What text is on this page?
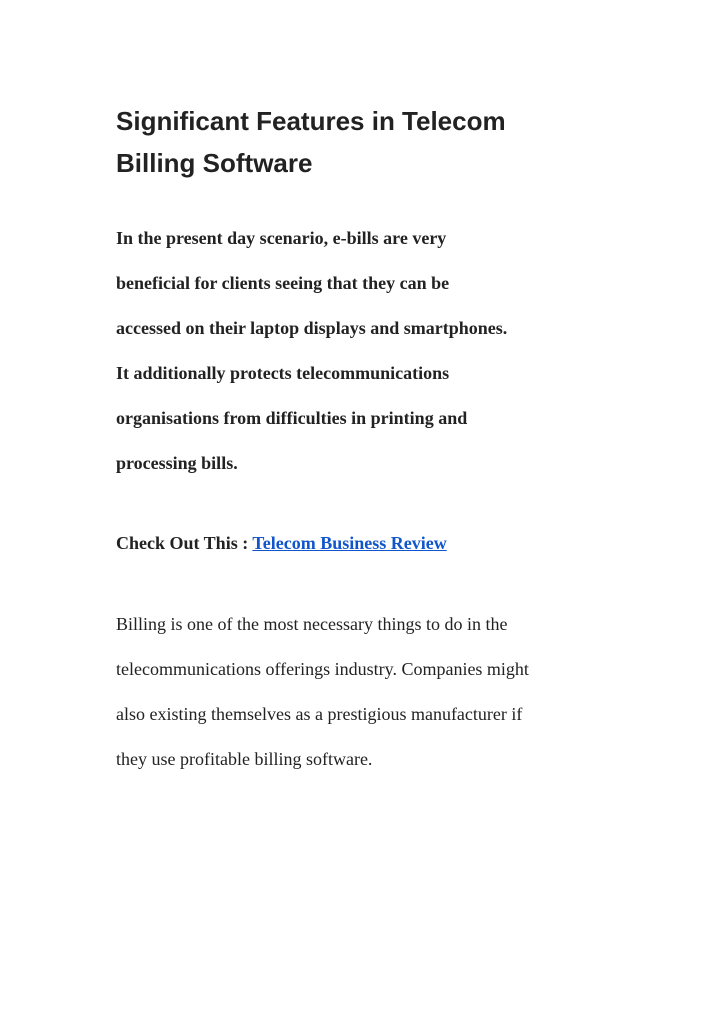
Significant Features in Telecom
Billing Software

In the present day scenario, e-bills are very
beneficial for clients seeing that they can be
accessed on their laptop displays and smartphones.
It additionally protects telecommunications
organisations from difficulties in printing and
processing bills.

Check Out This : Telecom Business Review

Billing is one of the most necessary things to do in the
telecommunications offerings industry. Companies might
also existing themselves as a prestigious manufacturer if
they use profitable billing software.
